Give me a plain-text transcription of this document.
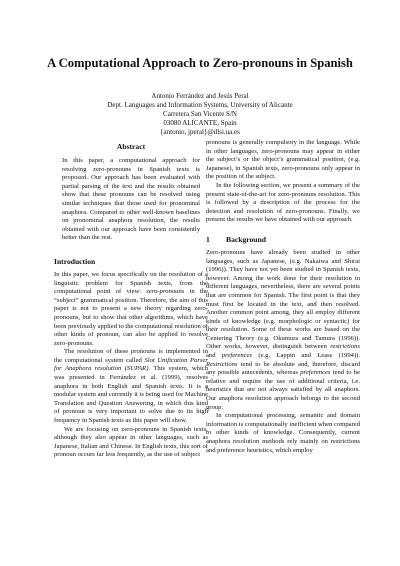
A Computational Approach to Zero-pronouns in Spanish
Antonio Ferrández and Jesús Peral
Dept. Languages and Information Systems, University of Alicante
Carretera San Vicente S/N
03080 ALICANTE, Spain
{antonio, jperal}@dlsi.ua.es
Abstract

In this paper, a computational approach for resolving zero-pronouns in Spanish texts is proposed. Our approach has been evaluated with partial parsing of the text and the results obtained show that these pronouns can be resolved using similar techniques that those used for pronominal anaphora. Compared to other well-known baselines on pronominal anaphora resolution, the results obtained with our approach have been consistently better than the rest.

Introduction

In this paper, we focus specifically on the resolution of a linguistic problem for Spanish texts, from the computational point of view: zero-pronouns in the “subject” grammatical position. Therefore, the aim of this paper is not to present a new theory regarding zero-pronouns, but to show that other algorithms, which have been previously applied to the computational resolution of other kinds of pronoun, can also be applied to resolve zero-pronouns.

The resolution of these pronouns is implemented in the computational system called Slot Unification Parser for Anaphora resolution (SUPAR). This system, which was presented in Ferrández et al. (1999), resolves anaphora in both English and Spanish texts. It is a modular system and currently it is being used for Machine Translation and Question Answering, in which this kind of pronoun is very important to solve due to its high frequency in Spanish texts as this paper will show.

We are focusing on zero-pronouns in Spanish texts, although they also appear in other languages, such as Japanese, Italian and Chinese. In English texts, this sort of pronoun occurs far less frequently, as the use of subject

pronouns is generally compulsory in the language. While in other languages, zero-pronouns may appear in either the subject’s or the object’s grammatical position, (e.g. Japanese), in Spanish texts, zero-pronouns only appear in the position of the subject.

In the following section, we present a summary of the present state-of-the-art for zero-pronouns resolution. This is followed by a description of the process for the detection and resolution of zero-pronouns. Finally, we present the results we have obtained with our approach.

1 Background

Zero-pronouns have already been studied in other languages, such as Japanese, (e.g. Nakaiwa and Shirai (1996)). They have not yet been studied in Spanish texts, however. Among the work done for their resolution in different languages, nevertheless, there are several points that are common for Spanish. The first point is that they must first be located in the text, and then resolved. Another common point among, they all employ different kinds of knowledge (e.g. morphologic or syntactic) for their resolution. Some of these works are based on the Centering Theory (e.g. Okumura and Tamura (1996)). Other works, however, distinguish between restrictions and preferences (e.g. Lappin and Leass (1994)). Restrictions tend to be absolute and, therefore, discard any possible antecedents, whereas preferences tend to be relative and require the use of additional criteria, i.e. heuristics that are not always satisfied by all anaphors. Our anaphora resolution approach belongs to the second group.

In computational processing, semantic and domain information is computationally inefficient when compared to other kinds of knowledge. Consequently, current anaphora resolution methods rely mainly on restrictions and preference heuristics, which employ
